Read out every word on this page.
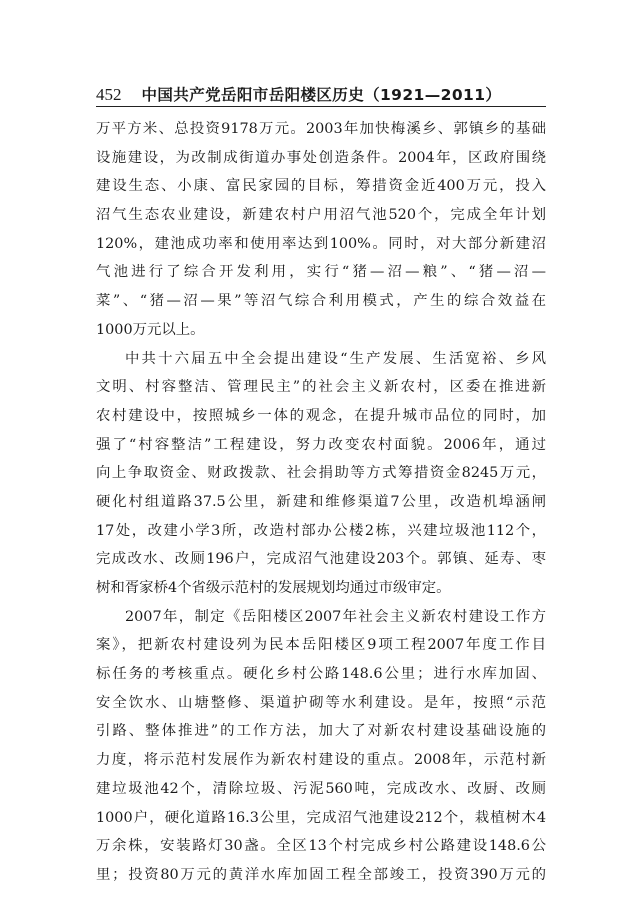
452 中国共产党岳阳市岳阳楼区历史（1921—2011）
万平方米、总投资9178万元。2003年加快梅溪乡、郭镇乡的基础
设施建设，为改制成街道办事处创造条件。2004年，区政府围绕
建设生态、小康、富民家园的目标，筹措资金近400万元，投入
沼气生态农业建设，新建农村户用沼气池520个，完成全年计划
120%，建池成功率和使用率达到100%。同时，对大部分新建沼
气池进行了综合开发利用，实行“猪—沼—粮”、“猪—沼—
菜”、“猪—沼—果”等沼气综合利用模式，产生的综合效益在
1000万元以上。
中共十六届五中全会提出建设“生产发展、生活宽裕、乡风
文明、村容整洁、管理民主”的社会主义新农村，区委在推进新
农村建设中，按照城乡一体的观念，在提升城市品位的同时，加
强了“村容整洁”工程建设，努力改变农村面貌。2006年，通过
向上争取资金、财政拨款、社会捐助等方式筹措资金8245万元，
硬化村组道路37.5公里，新建和维修渠道7公里，改造机埠涵闸
17处，改建小学3所，改造村部办公楼2栋，兴建垃圾池112个，
完成改水、改厕196户，完成沼气池建设203个。郭镇、延寿、枣
树和胥家桥4个省级示范村的发展规划均通过市级审定。
2007年，制定《岳阳楼区2007年社会主义新农村建设工作方
案》，把新农村建设列为民本岳阳楼区9项工程2007年度工作目
标任务的考核重点。硬化乡村公路148.6公里；进行水库加固、
安全饮水、山塘整修、渠道护砌等水利建设。是年，按照“示范
引路、整体推进”的工作方法，加大了对新农村建设基础设施的
力度，将示范村发展作为新农村建设的重点。2008年，示范村新
建垃圾池42个，清除垃圾、污泥560吨，完成改水、改厨、改厕
1000户，硬化道路16.3公里，完成沼气池建设212个，栽植树木4
万余株，安装路灯30盏。全区13个村完成乡村公路建设148.6公
里；投资80万元的黄洋水库加固工程全部竣工，投资390万元的
